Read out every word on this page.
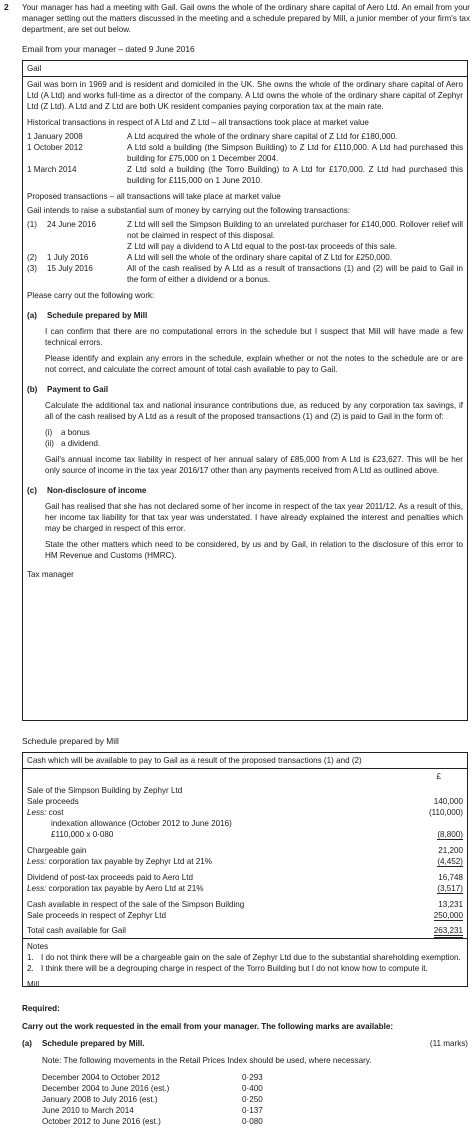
2 Your manager has had a meeting with Gail. Gail owns the whole of the ordinary share capital of Aero Ltd. An email from your manager setting out the matters discussed in the meeting and a schedule prepared by Mill, a junior member of your firm's tax department, are set out below.

Email from your manager – dated 9 June 2016
Gail

Gail was born in 1969 and is resident and domiciled in the UK. She owns the whole of the ordinary share capital of Aero Ltd (A Ltd) and works full-time as a director of the company. A Ltd owns the whole of the ordinary share capital of Zephyr Ltd (Z Ltd). A Ltd and Z Ltd are both UK resident companies paying corporation tax at the main rate.

Historical transactions in respect of A Ltd and Z Ltd – all transactions took place at market value
1 January 2008	A Ltd acquired the whole of the ordinary share capital of Z Ltd for £180,000.
1 October 2012	A Ltd sold a building (the Simpson Building) to Z Ltd for £110,000. A Ltd had purchased this building for £75,000 on 1 December 2004.
1 March 2014	Z Ltd sold a building (the Torro Building) to A Ltd for £170,000. Z Ltd had purchased this building for £115,000 on 1 June 2010.
Proposed transactions – all transactions will take place at market value
Gail intends to raise a substantial sum of money by carrying out the following transactions:
(1)	24 June 2016	Z Ltd will sell the Simpson Building to an unrelated purchaser for £140,000. Rollover relief will not be claimed in respect of this disposal.
Z Ltd will pay a dividend to A Ltd equal to the post-tax proceeds of this sale.
(2)	1 July 2016	A Ltd will sell the whole of the ordinary share capital of Z Ltd for £250,000.
(3)	15 July 2016	All of the cash realised by A Ltd as a result of transactions (1) and (2) will be paid to Gail in the form of either a dividend or a bonus.
Please carry out the following work:
(a)	Schedule prepared by Mill

I can confirm that there are no computational errors in the schedule but I suspect that Mill will have made a few technical errors.

Please identify and explain any errors in the schedule, explain whether or not the notes to the schedule are or are not correct, and calculate the correct amount of total cash available to pay to Gail.

(b)	Payment to Gail

Calculate the additional tax and national insurance contributions due, as reduced by any corporation tax savings, if all of the cash realised by A Ltd as a result of the proposed transactions (1) and (2) is paid to Gail in the form of:

(i)	a bonus
(ii) a dividend.

Gail's annual income tax liability in respect of her annual salary of £85,000 from A Ltd is £23,627. This will be her only source of income in the tax year 2016/17 other than any payments received from A Ltd as outlined above.

(c)	Non-disclosure of income

Gail has realised that she has not declared some of her income in respect of the tax year 2011/12. As a result of this, her income tax liability for that tax year was understated. I have already explained the interest and penalties which may be charged in respect of this error.

State the other matters which need to be considered, by us and by Gail, in relation to the disclosure of this error to HM Revenue and Customs (HMRC).

Tax manager
Schedule prepared by Mill
Cash which will be available to pay to Gail as a result of the proposed transactions (1) and (2)
£
Sale of the Simpson Building by Zephyr Ltd
Sale proceeds	140,000
Less: cost	(110,000)
indexation allowance (October 2012 to June 2016)
£110,000 x 0·080	(8,800)
Chargeable gain	21,200
Less: corporation tax payable by Zephyr Ltd at 21%	(4,452)
Dividend of post-tax proceeds paid to Aero Ltd	16,748
Less: corporation tax payable by Aero Ltd at 21%	(3,517)
Cash available in respect of the sale of the Simpson Building	13,231
Sale proceeds in respect of Zephyr Ltd	250,000
Total cash available for Gail	263,231
Notes
1. I do not think there will be a chargeable gain on the sale of Zephyr Ltd due to the substantial shareholding exemption.
2. I think there will be a degrouping charge in respect of the Torro Building but I do not know how to compute it.
Mill
Required:
Carry out the work requested in the email from your manager. The following marks are available:
(a) Schedule prepared by Mill.	(11 marks)
Note: The following movements in the Retail Prices Index should be used, where necessary.
December 2004 to October 2012	0·293
December 2004 to June 2016 (est.)	0·400
January 2008 to July 2016 (est.)	0·250
June 2010 to March 2014	0·137
October 2012 to June 2016 (est.)	0·080
